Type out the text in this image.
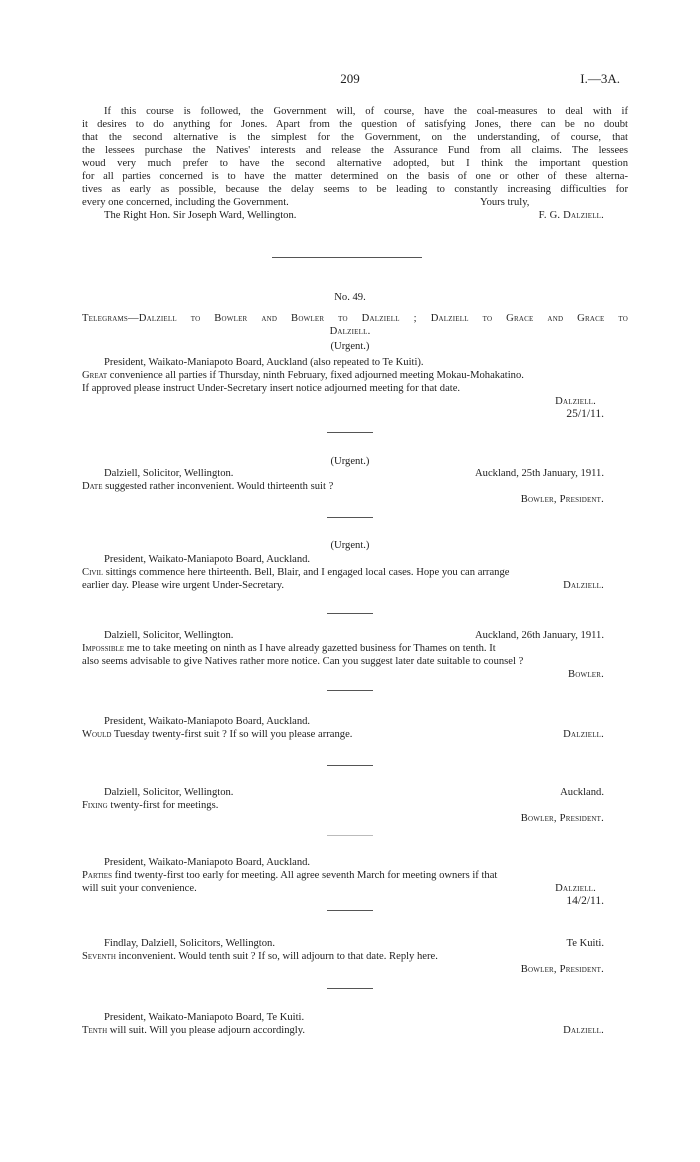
209	I.—3A.
If this course is followed, the Government will, of course, have the coal-measures to deal with if
it desires to do anything for Jones. Apart from the question of satisfying Jones, there can be no doubt
that the second alternative is the simplest for the Government, on the understanding, of course, that
the lessees purchase the Natives' interests and release the Assurance Fund from all claims. The lessees
woud very much prefer to have the second alternative adopted, but I think the important question
for all parties concerned is to have the matter determined on the basis of one or other of these alterna-
tives as early as possible, because the delay seems to be leading to constantly increasing difficulties for
every one concerned, including the Government.	Yours truly,
The Right Hon. Sir Joseph Ward, Wellington.	F. G. Dalziell.
No. 49.
Telegrams—Dalziell to Bowler and Bowler to Dalziell ; Dalziell to Grace and Grace to
Dalziell.
(Urgent.)
President, Waikato-Maniapoto Board, Auckland (also repeated to Te Kuiti).
Great convenience all parties if Thursday, ninth February, fixed adjourned meeting Mokau-Mohakatino.
If approved please instruct Under-Secretary insert notice adjourned meeting for that date.
Dalziell.
25/1/11.
(Urgent.)
Dalziell, Solicitor, Wellington.	Auckland, 25th January, 1911.
Date suggested rather inconvenient. Would thirteenth suit ?
Bowler, President.
(Urgent.)
President, Waikato-Maniapoto Board, Auckland.
Civil sittings commence here thirteenth. Bell, Blair, and I engaged local cases. Hope you can arrange
earlier day. Please wire urgent Under-Secretary.	Dalziell.
Dalziell, Solicitor, Wellington.	Auckland, 26th January, 1911.
Impossible me to take meeting on ninth as I have already gazetted business for Thames on tenth. It
also seems advisable to give Natives rather more notice. Can you suggest later date suitable to counsel ?
Bowler.
President, Waikato-Maniapoto Board, Auckland.
Would Tuesday twenty-first suit ? If so will you please arrange.	Dalziell.
Dalziell, Solicitor, Wellington.	Auckland.
Fixing twenty-first for meetings.
Bowler, President.
President, Waikato-Maniapoto Board, Auckland.
Parties find twenty-first too early for meeting. All agree seventh March for meeting owners if that
will suit your convenience.	Dalziell.
14/2/11.
Findlay, Dalziell, Solicitors, Wellington.	Te Kuiti.
Seventh inconvenient. Would tenth suit ? If so, will adjourn to that date. Reply here.
Bowler, President.
President, Waikato-Maniapoto Board, Te Kuiti.
Tenth will suit. Will you please adjourn accordingly.	Dalziell.
